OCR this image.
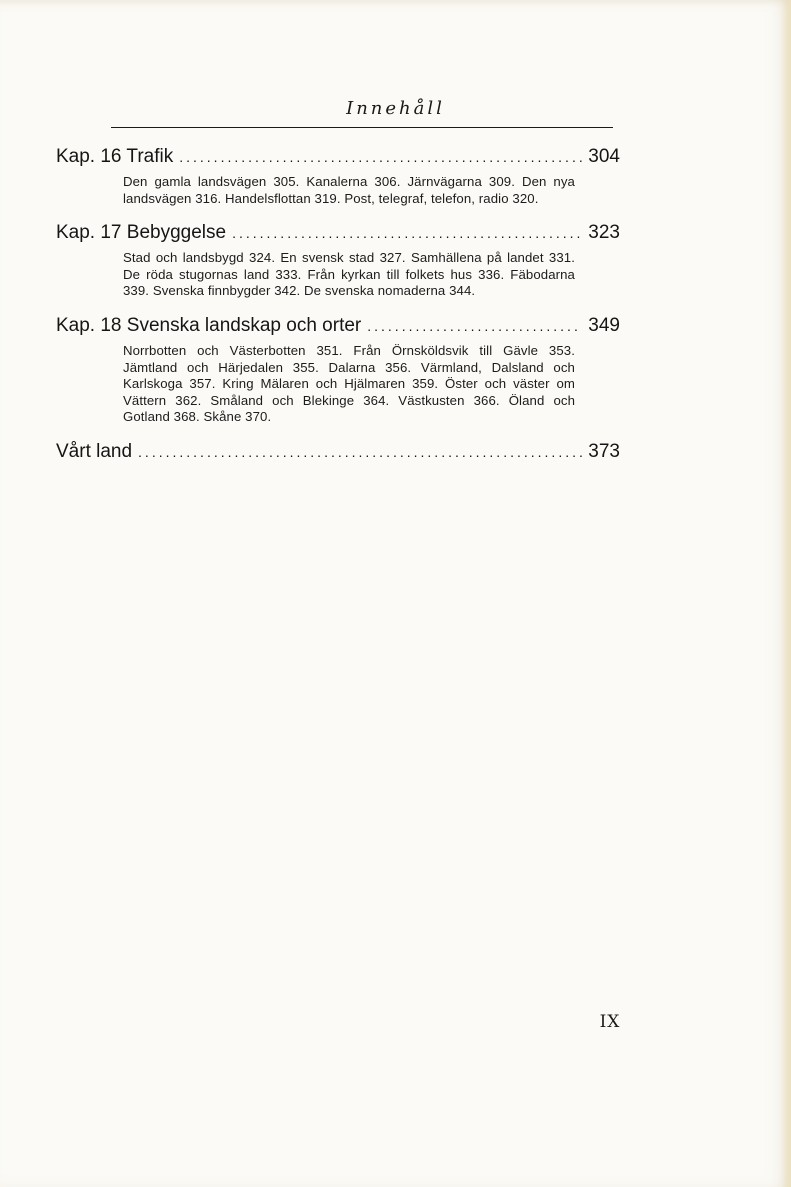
Innehåll
Kap. 16 Trafik .....	304
Den gamla landsvägen 305. Kanalerna 306. Järnvägarna 309. Den nya landsvägen 316. Handelsflottan 319. Post, telegraf, telefon, radio 320.
Kap. 17 Bebyggelse .....	323
Stad och landsbygd 324. En svensk stad 327. Samhällena på landet 331. De röda stugornas land 333. Från kyrkan till folkets hus 336. Fäbodarna 339. Svenska finnbygder 342. De svenska nomaderna 344.
Kap. 18 Svenska landskap och orter .....	349
Norrbotten och Västerbotten 351. Från Örnsköldsvik till Gävle 353. Jämtland och Härjedalen 355. Dalarna 356. Värmland, Dalsland och Karlskoga 357. Kring Mälaren och Hjälmaren 359. Öster och väster om Vättern 362. Småland och Blekinge 364. Västkusten 366. Öland och Gotland 368. Skåne 370.
Vårt land .....	373
IX
